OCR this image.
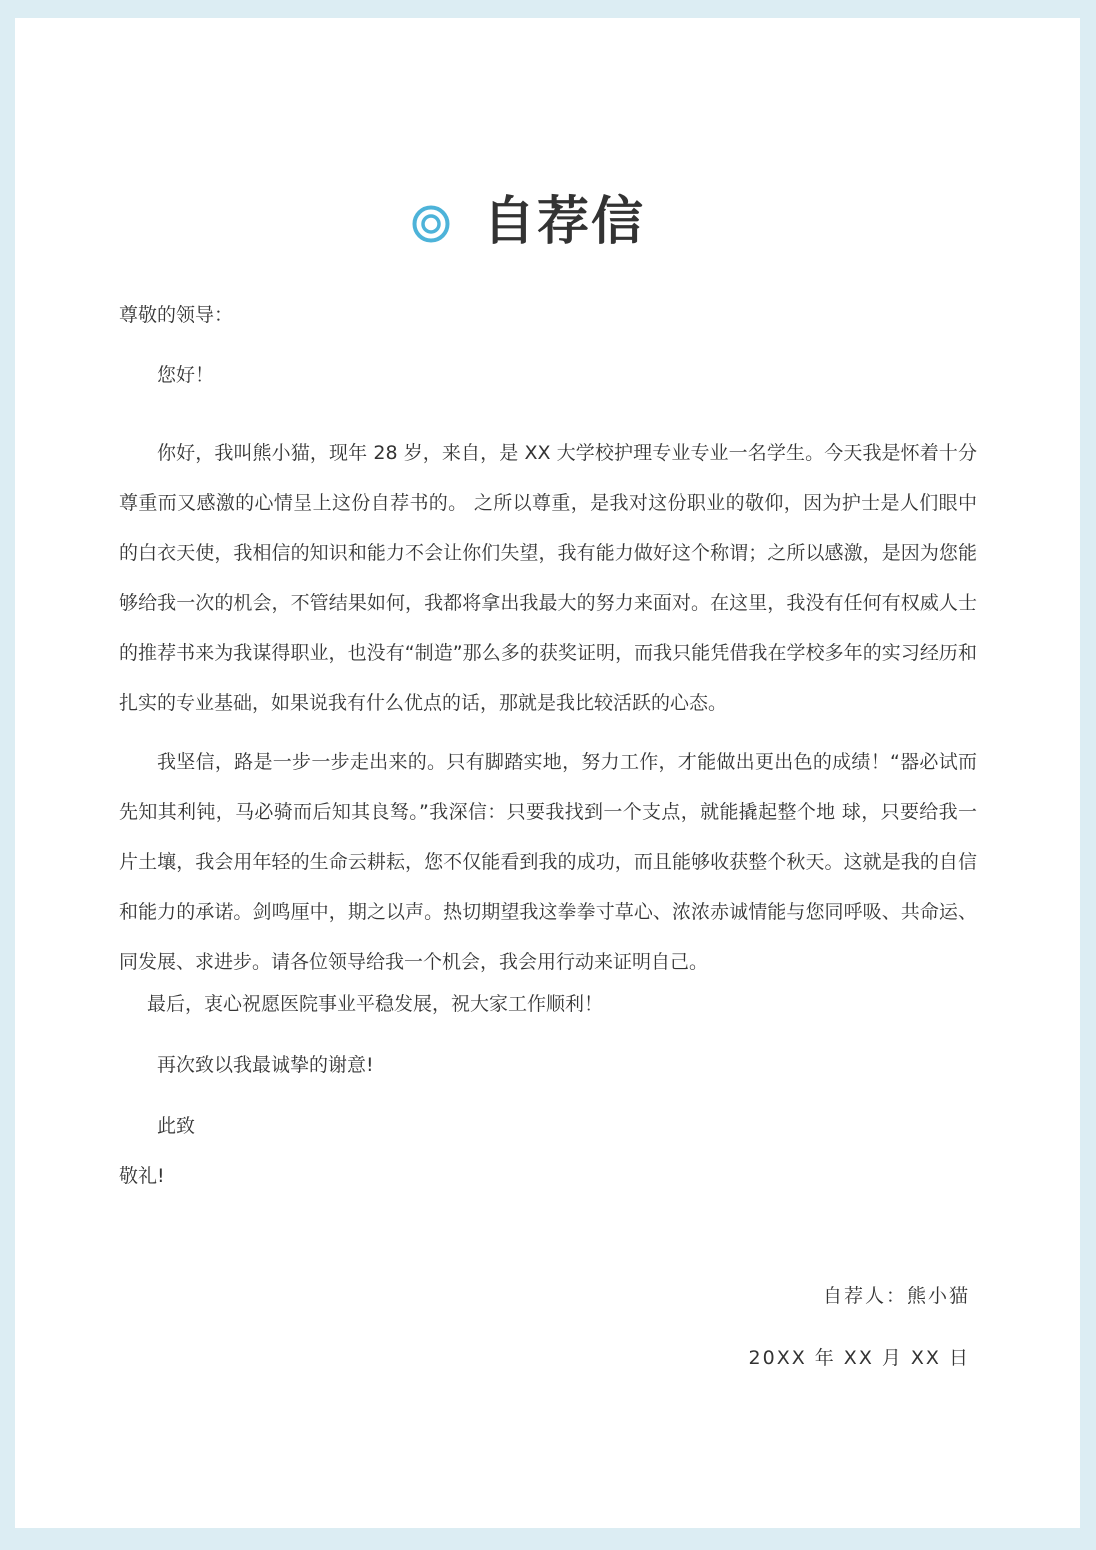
自荐信

尊敬的领导：

您好！

你好，我叫熊小猫，现年 28 岁，来自，是 XX 大学校护理专业专业一名学生。今天我是怀着十分尊重而又感激的心情呈上这份自荐书的。 之所以尊重，是我对这份职业的敬仰，因为护士是人们眼中的白衣天使，我相信的知识和能力不会让你们失望，我有能力做好这个称谓；之所以感激，是因为您能够给我一次的机会，不管结果如何，我都将拿出我最大的努力来面对。在这里，我没有任何有权威人士的推荐书来为我谋得职业，也没有“制造”那么多的获奖证明，而我只能凭借我在学校多年的实习经历和扎实的专业基础，如果说我有什么优点的话，那就是我比较活跃的心态。

我坚信，路是一步一步走出来的。只有脚踏实地，努力工作，才能做出更出色的成绩！“器必试而先知其利钝，马必骑而后知其良驽。”我深信：只要我找到一个支点，就能撬起整个地 球，只要给我一片土壤，我会用年轻的生命云耕耘，您不仅能看到我的成功，而且能够收获整个秋天。这就是我的自信和能力的承诺。剑鸣厘中，期之以声。热切期望我这拳拳寸草心、浓浓赤诚情能与您同呼吸、共命运、同发展、求进步。请各位领导给我一个机会，我会用行动来证明自己。

最后，衷心祝愿医院事业平稳发展，祝大家工作顺利！

再次致以我最诚挚的谢意!

此致

敬礼!

自荐人：熊小猫

20XX 年 XX 月 XX 日
